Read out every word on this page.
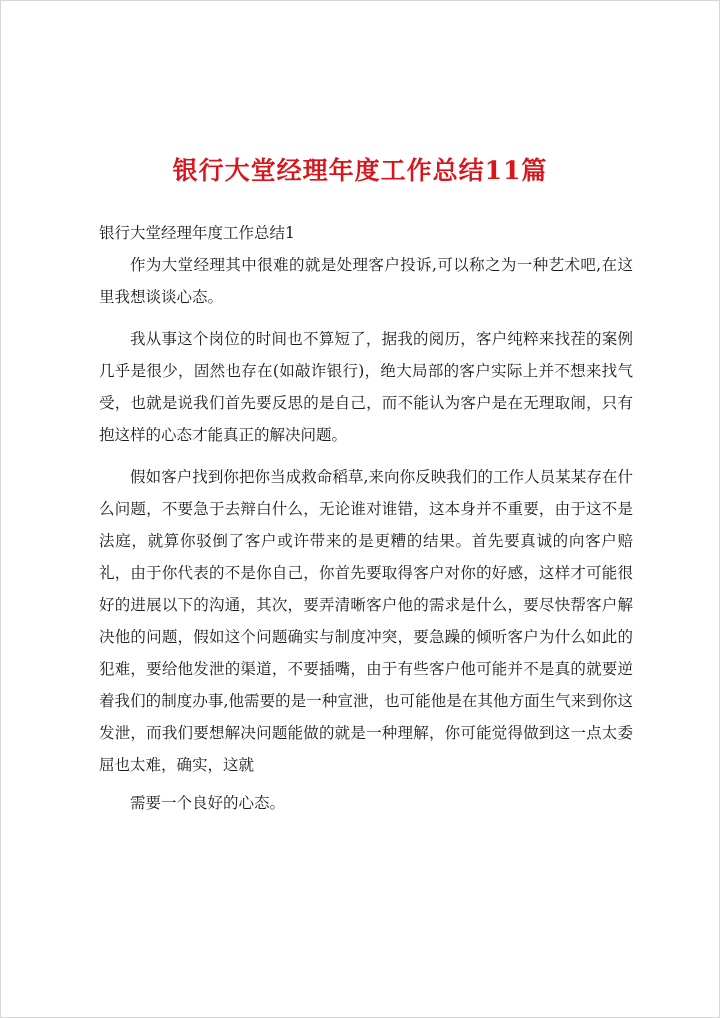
银行大堂经理年度工作总结11篇

银行大堂经理年度工作总结1

作为大堂经理其中很难的就是处理客户投诉,可以称之为一种艺术吧,在这里我想谈谈心态。

我从事这个岗位的时间也不算短了，据我的阅历，客户纯粹来找茬的案例几乎是很少，固然也存在(如敲诈银行)，绝大局部的客户实际上并不想来找气受，也就是说我们首先要反思的是自己，而不能认为客户是在无理取闹，只有抱这样的心态才能真正的解决问题。

假如客户找到你把你当成救命稻草,来向你反映我们的工作人员某某存在什么问题，不要急于去辩白什么，无论谁对谁错，这本身并不重要，由于这不是法庭，就算你驳倒了客户或许带来的是更糟的结果。首先要真诚的向客户赔礼，由于你代表的不是你自己，你首先要取得客户对你的好感，这样才可能很好的进展以下的沟通，其次，要弄清晰客户他的需求是什么，要尽快帮客户解决他的问题，假如这个问题确实与制度冲突，要急躁的倾听客户为什么如此的犯难，要给他发泄的渠道，不要插嘴，由于有些客户他可能并不是真的就要逆着我们的制度办事,他需要的是一种宣泄，也可能他是在其他方面生气来到你这发泄，而我们要想解决问题能做的就是一种理解，你可能觉得做到这一点太委屈也太难，确实，这就

需要一个良好的心态。
